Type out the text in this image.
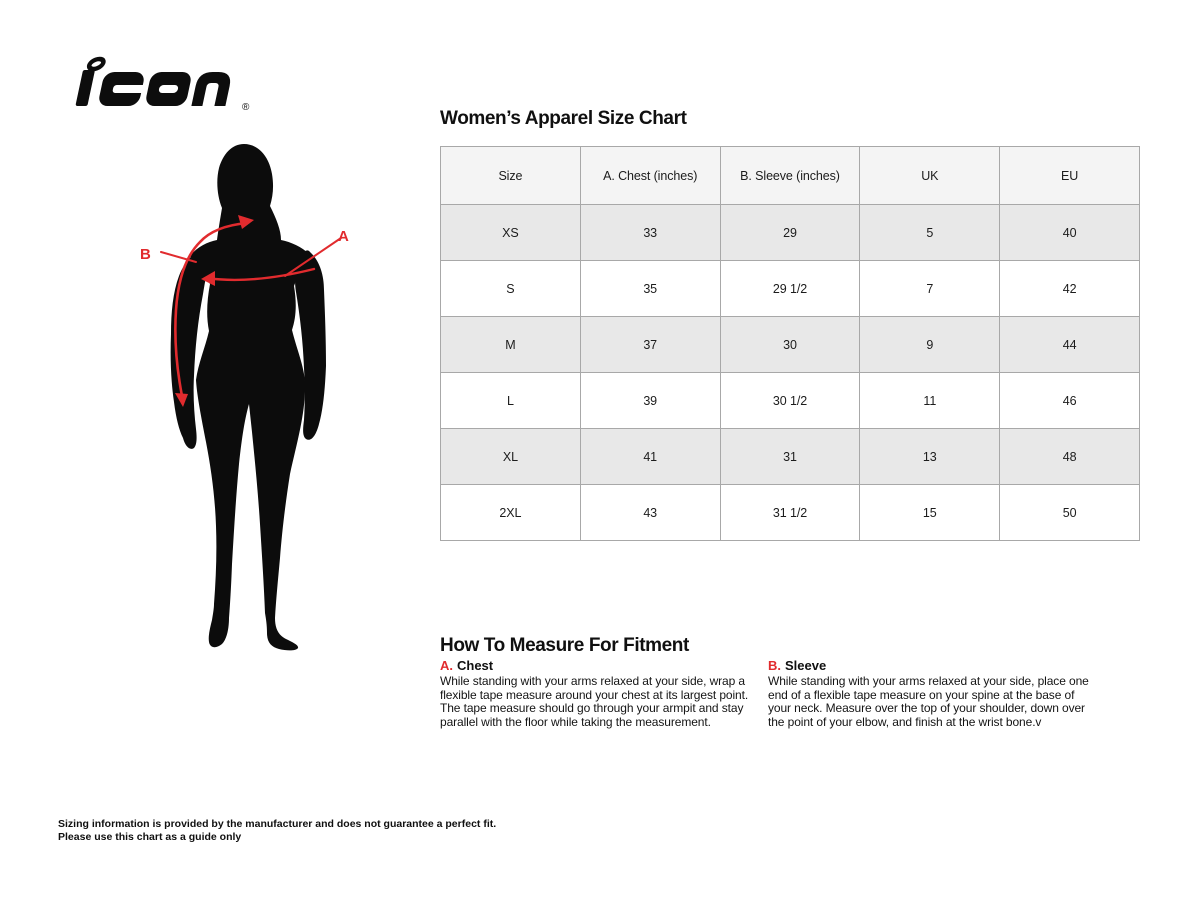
®
A
B
Women’s Apparel Size Chart
Size	A. Chest (inches)	B. Sleeve (inches)	UK	EU
XS	33	29	5	40
S	35	29 1/2	7	42
M	37	30	9	44
L	39	30 1/2	11	46
XL	41	31	13	48
2XL	43	31 1/2	15	50
How To Measure For Fitment
A. Chest

While standing with your arms relaxed at your side, wrap a flexible tape measure around your chest at its largest point. The tape measure should go through your armpit and stay parallel with the floor while taking the measurement.

B. Sleeve

While standing with your arms relaxed at your side, place one end of a flexible tape measure on your spine at the base of your neck. Measure over the top of your shoulder, down over the point of your elbow, and finish at the wrist bone.v

Sizing information is provided by the manufacturer and does not guarantee a perfect fit.
Please use this chart as a guide only
